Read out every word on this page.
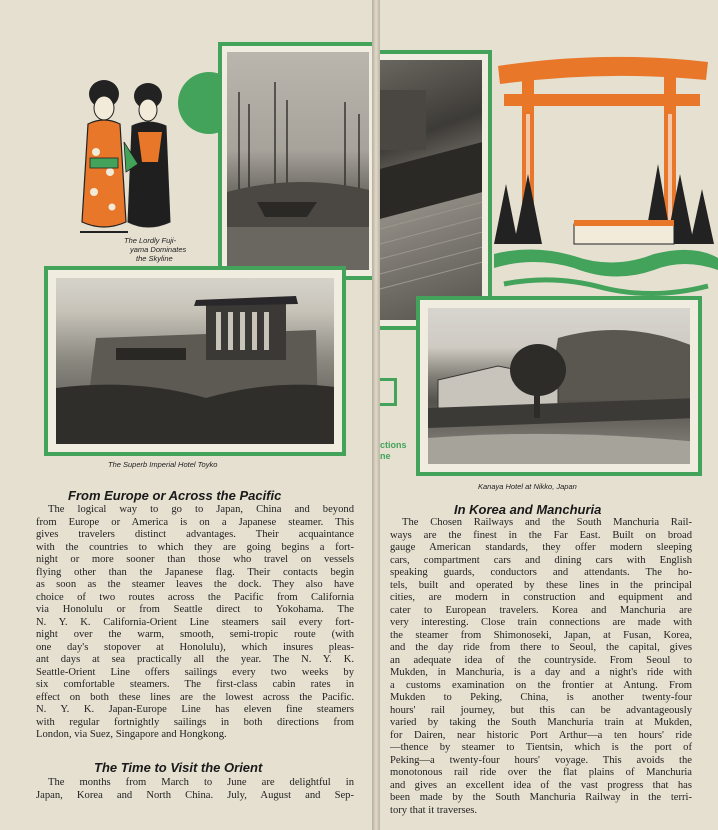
The Lordly Fuji-
yama Dominates
the Skyline
The Superb Imperial Hotel Toyko
From Europe or Across the Pacific
The logical way to go to Japan, China and beyond
from Europe or America is on a Japanese steamer. This
gives travelers distinct advantages. Their acquaintance
with the countries to which they are going begins a fort-
night or more sooner than those who travel on vessels
flying other than the Japanese flag. Their contacts begin
as soon as the steamer leaves the dock. They also have
choice of two routes across the Pacific from California
via Honolulu or from Seattle direct to Yokohama. The
N. Y. K. California-Orient Line steamers sail every fort-
night over the warm, smooth, semi-tropic route (with
one day's stopover at Honolulu), which insures pleas-
ant days at sea practically all the year. The N. Y. K.
Seattle-Orient Line offers sailings every two weeks by
six comfortable steamers. The first-class cabin rates in
effect on both these lines are the lowest across the Pacific.
N. Y. K. Japan-Europe Line has eleven fine steamers
with regular fortnightly sailings in both directions from
London, via Suez, Singapore and Hongkong.
The Time to Visit the Orient
The months from March to June are delightful in
Japan, Korea and North China. July, August and Sep-
ctions
ne
Kanaya Hotel at Nikko, Japan
In Korea and Manchuria
The Chosen Railways and the South Manchuria Rail-
ways are the finest in the Far East. Built on broad
gauge American standards, they offer modern sleeping
cars, compartment cars and dining cars with English
speaking guards, conductors and attendants. The ho-
tels, built and operated by these lines in the principal
cities, are modern in construction and equipment and
cater to European travelers. Korea and Manchuria are
very interesting. Close train connections are made with
the steamer from Shimonoseki, Japan, at Fusan, Korea,
and the day ride from there to Seoul, the capital, gives
an adequate idea of the countryside. From Seoul to
Mukden, in Manchuria, is a day and a night's ride with
a customs examination on the frontier at Antung. From
Mukden to Peking, China, is another twenty-four
hours' rail journey, but this can be advantageously
varied by taking the South Manchuria train at Mukden,
for Dairen, near historic Port Arthur—a ten hours' ride
—thence by steamer to Tientsin, which is the port of
Peking—a twenty-four hours' voyage. This avoids the
monotonous rail ride over the flat plains of Manchuria
and gives an excellent idea of the vast progress that has
been made by the South Manchuria Railway in the terri-
tory that it traverses.
